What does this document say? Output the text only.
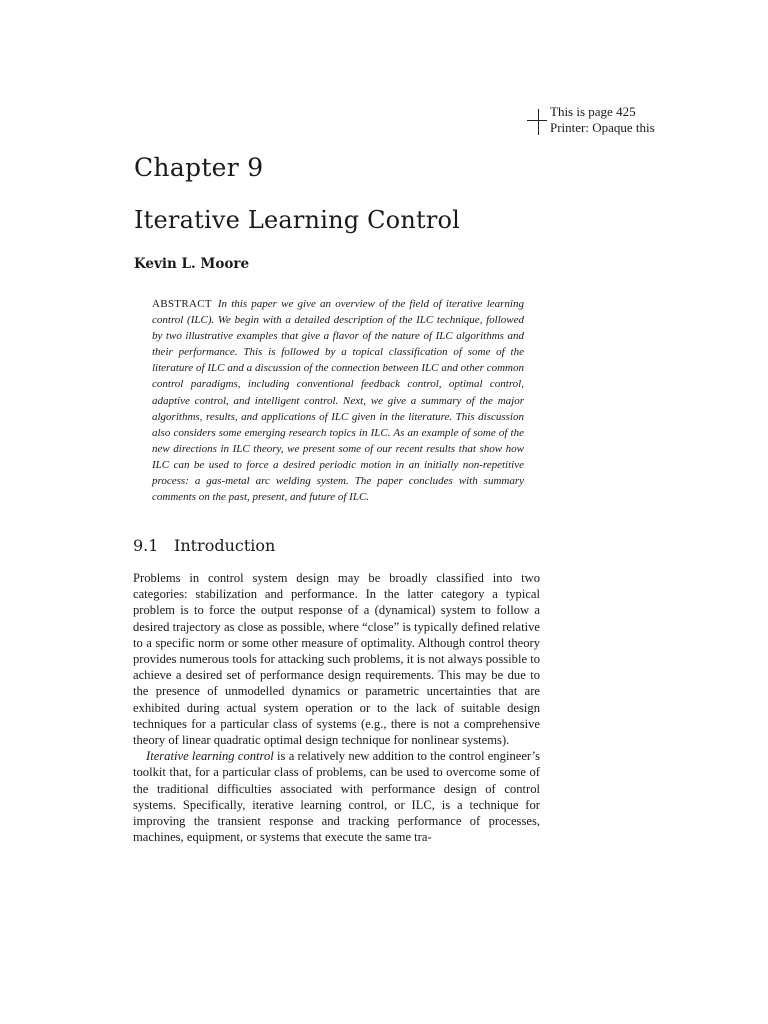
This is page 425
Printer: Opaque this
Chapter 9
Iterative Learning Control
Kevin L. Moore
ABSTRACT In this paper we give an overview of the field of iterative learning control (ILC). We begin with a detailed description of the ILC technique, followed by two illustrative examples that give a flavor of the nature of ILC algorithms and their performance. This is followed by a topical classification of some of the literature of ILC and a discussion of the connection between ILC and other common control paradigms, including conventional feedback control, optimal control, adaptive control, and intelligent control. Next, we give a summary of the major algorithms, results, and applications of ILC given in the literature. This discussion also considers some emerging research topics in ILC. As an example of some of the new directions in ILC theory, we present some of our recent results that show how ILC can be used to force a desired periodic motion in an initially non-repetitive process: a gas-metal arc welding system. The paper concludes with summary comments on the past, present, and future of ILC.
9.1 Introduction

Problems in control system design may be broadly classified into two categories: stabilization and performance. In the latter category a typical problem is to force the output response of a (dynamical) system to follow a desired trajectory as close as possible, where “close” is typically defined relative to a specific norm or some other measure of optimality. Although control theory provides numerous tools for attacking such problems, it is not always possible to achieve a desired set of performance design requirements. This may be due to the presence of unmodelled dynamics or parametric uncertainties that are exhibited during actual system operation or to the lack of suitable design techniques for a particular class of systems (e.g., there is not a comprehensive theory of linear quadratic optimal design technique for nonlinear systems).

Iterative learning control is a relatively new addition to the control engineer’s toolkit that, for a particular class of problems, can be used to overcome some of the traditional difficulties associated with performance design of control systems. Specifically, iterative learning control, or ILC, is a technique for improving the transient response and tracking performance of processes, machines, equipment, or systems that execute the same tra-
